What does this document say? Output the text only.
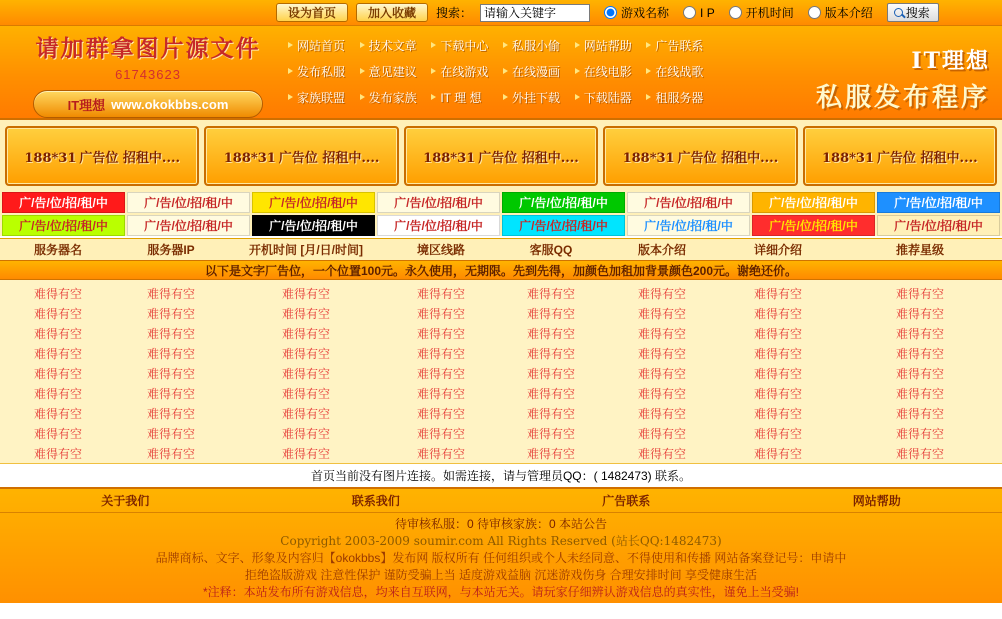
设为首页	加入收藏	搜索：
请输入关键字	游戏名称	I P	开机时间	版本介绍	搜索
请加群拿图片源文件
61743623
IT理想 www.okokbbs.com
网站首页 技术文章 下载中心 私服小偷 网站帮助 广告联系
发布私服 意见建议 在线游戏 在线漫画 在线电影 在线战歌
家族联盟 发布家族 IT 理 想	外挂下载 下载陆器 租服务器
IT理想
私服发布程序
188*31 广告位 招租中....	188*31 广告位 招租中....	188*31 广告位 招租中....	188*31 广告位 招租中....	188*31 广告位 招租中....
广/告/位/招/租/中	广/告/位/招/租/中	广/告/位/招/租/中	广/告/位/招/租/中	广/告/位/招/租/中	广/告/位/招/租/中	广/告/位/招/租/中	广/告/位/招/租/中
广/告/位/招/租/中	广/告/位/招/租/中	广/告/位/招/租/中	广/告/位/招/租/中	广/告/位/招/租/中	广/告/位/招/租/中	广/告/位/招/租/中	广/告/位/招/租/中
服务器名	服务器IP	开机时间 [月/日/时间]	境区线路	客服QQ	版本介绍	详细介绍	推荐星级
以下是文字厂告位，一个位置100元。永久使用，无期限。先到先得，加颜色加租加背景颜色200元。谢绝还价。
难得有空	难得有空	难得有空	难得有空	难得有空	难得有空	难得有空	难得有空
难得有空	难得有空	难得有空	难得有空	难得有空	难得有空	难得有空	难得有空
难得有空	难得有空	难得有空	难得有空	难得有空	难得有空	难得有空	难得有空
难得有空	难得有空	难得有空	难得有空	难得有空	难得有空	难得有空	难得有空
难得有空	难得有空	难得有空	难得有空	难得有空	难得有空	难得有空	难得有空
难得有空	难得有空	难得有空	难得有空	难得有空	难得有空	难得有空	难得有空
难得有空	难得有空	难得有空	难得有空	难得有空	难得有空	难得有空	难得有空
难得有空	难得有空	难得有空	难得有空	难得有空	难得有空	难得有空	难得有空
难得有空	难得有空	难得有空	难得有空	难得有空	难得有空	难得有空	难得有空
首页当前没有图片连接。如需连接，请与管理员QQ：( 1482473) 联系。
关于我们	联系我们	广告联系	网站帮助
待审核私服：0 待审核家族：0 本站公告
Copyright 2003-2009 soumir.com All Rights Reserved (站长QQ:1482473)
品牌商标、文字、形象及内容归【okokbbs】发布网 版权所有 任何组织或个人未经同意、不得使用和传播 网站备案登记号：申请中
拒绝盗版游戏 注意性保护 谨防受骗上当 适度游戏益脑 沉迷游戏伤身 合理安排时间 享受健康生活
*注释：本站发布所有游戏信息，均来自互联网，与本站无关。请玩家仔细辨认游戏信息的真实性，谨免上当受骗!
